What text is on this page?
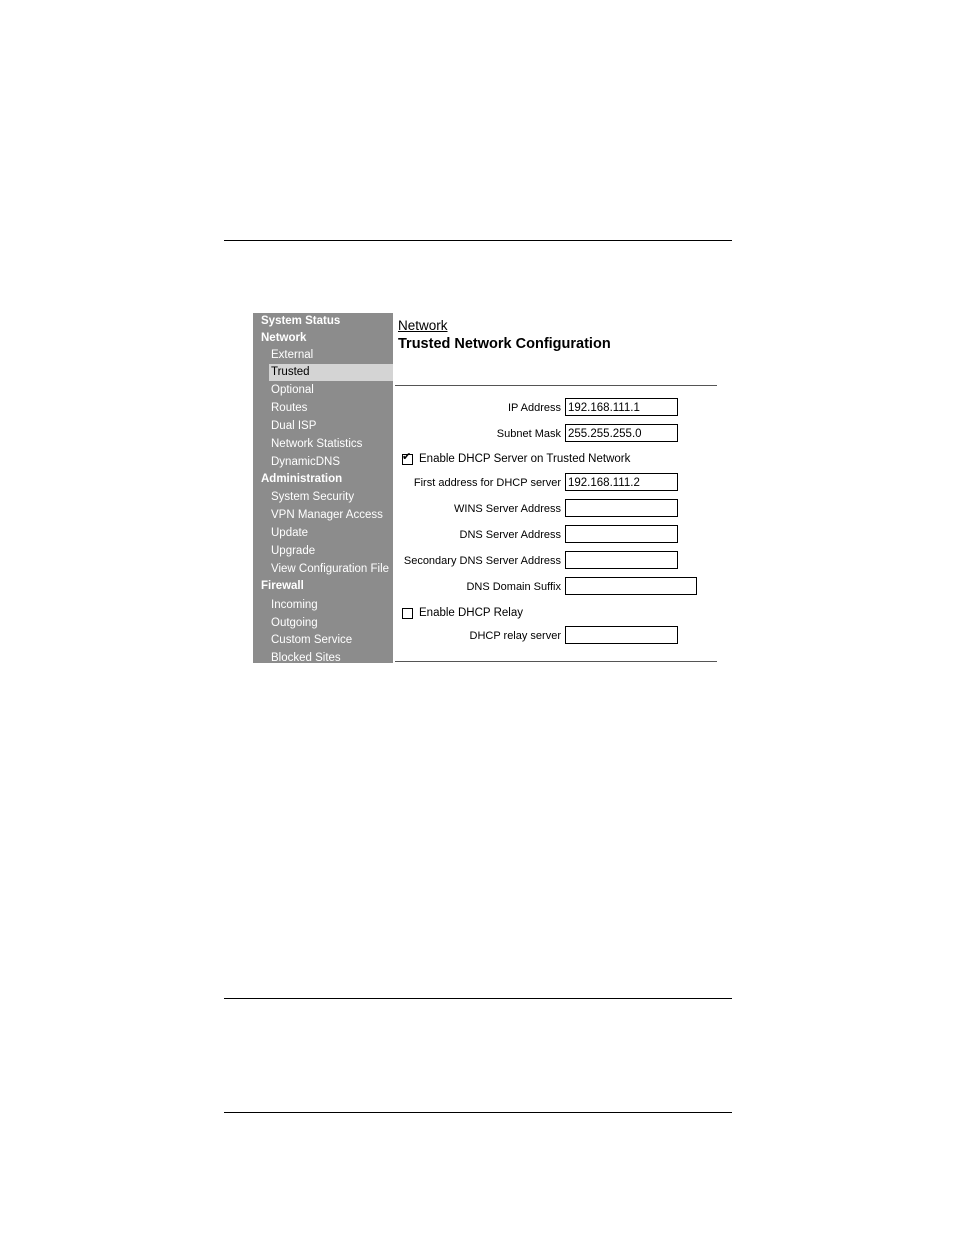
System Status
Network
External
Trusted
Optional
Routes
Dual ISP
Network Statistics
DynamicDNS
Administration
System Security
VPN Manager Access
Update
Upgrade
View Configuration File
Firewall
Incoming
Outgoing
Custom Service
Blocked Sites
Network
Trusted Network Configuration
IP Address 192.168.111.1
Subnet Mask 255.255.255.0
✔ Enable DHCP Server on Trusted Network
First address for DHCP server 192.168.111.2
WINS Server Address
DNS Server Address
Secondary DNS Server Address
DNS Domain Suffix
Enable DHCP Relay
DHCP relay server
